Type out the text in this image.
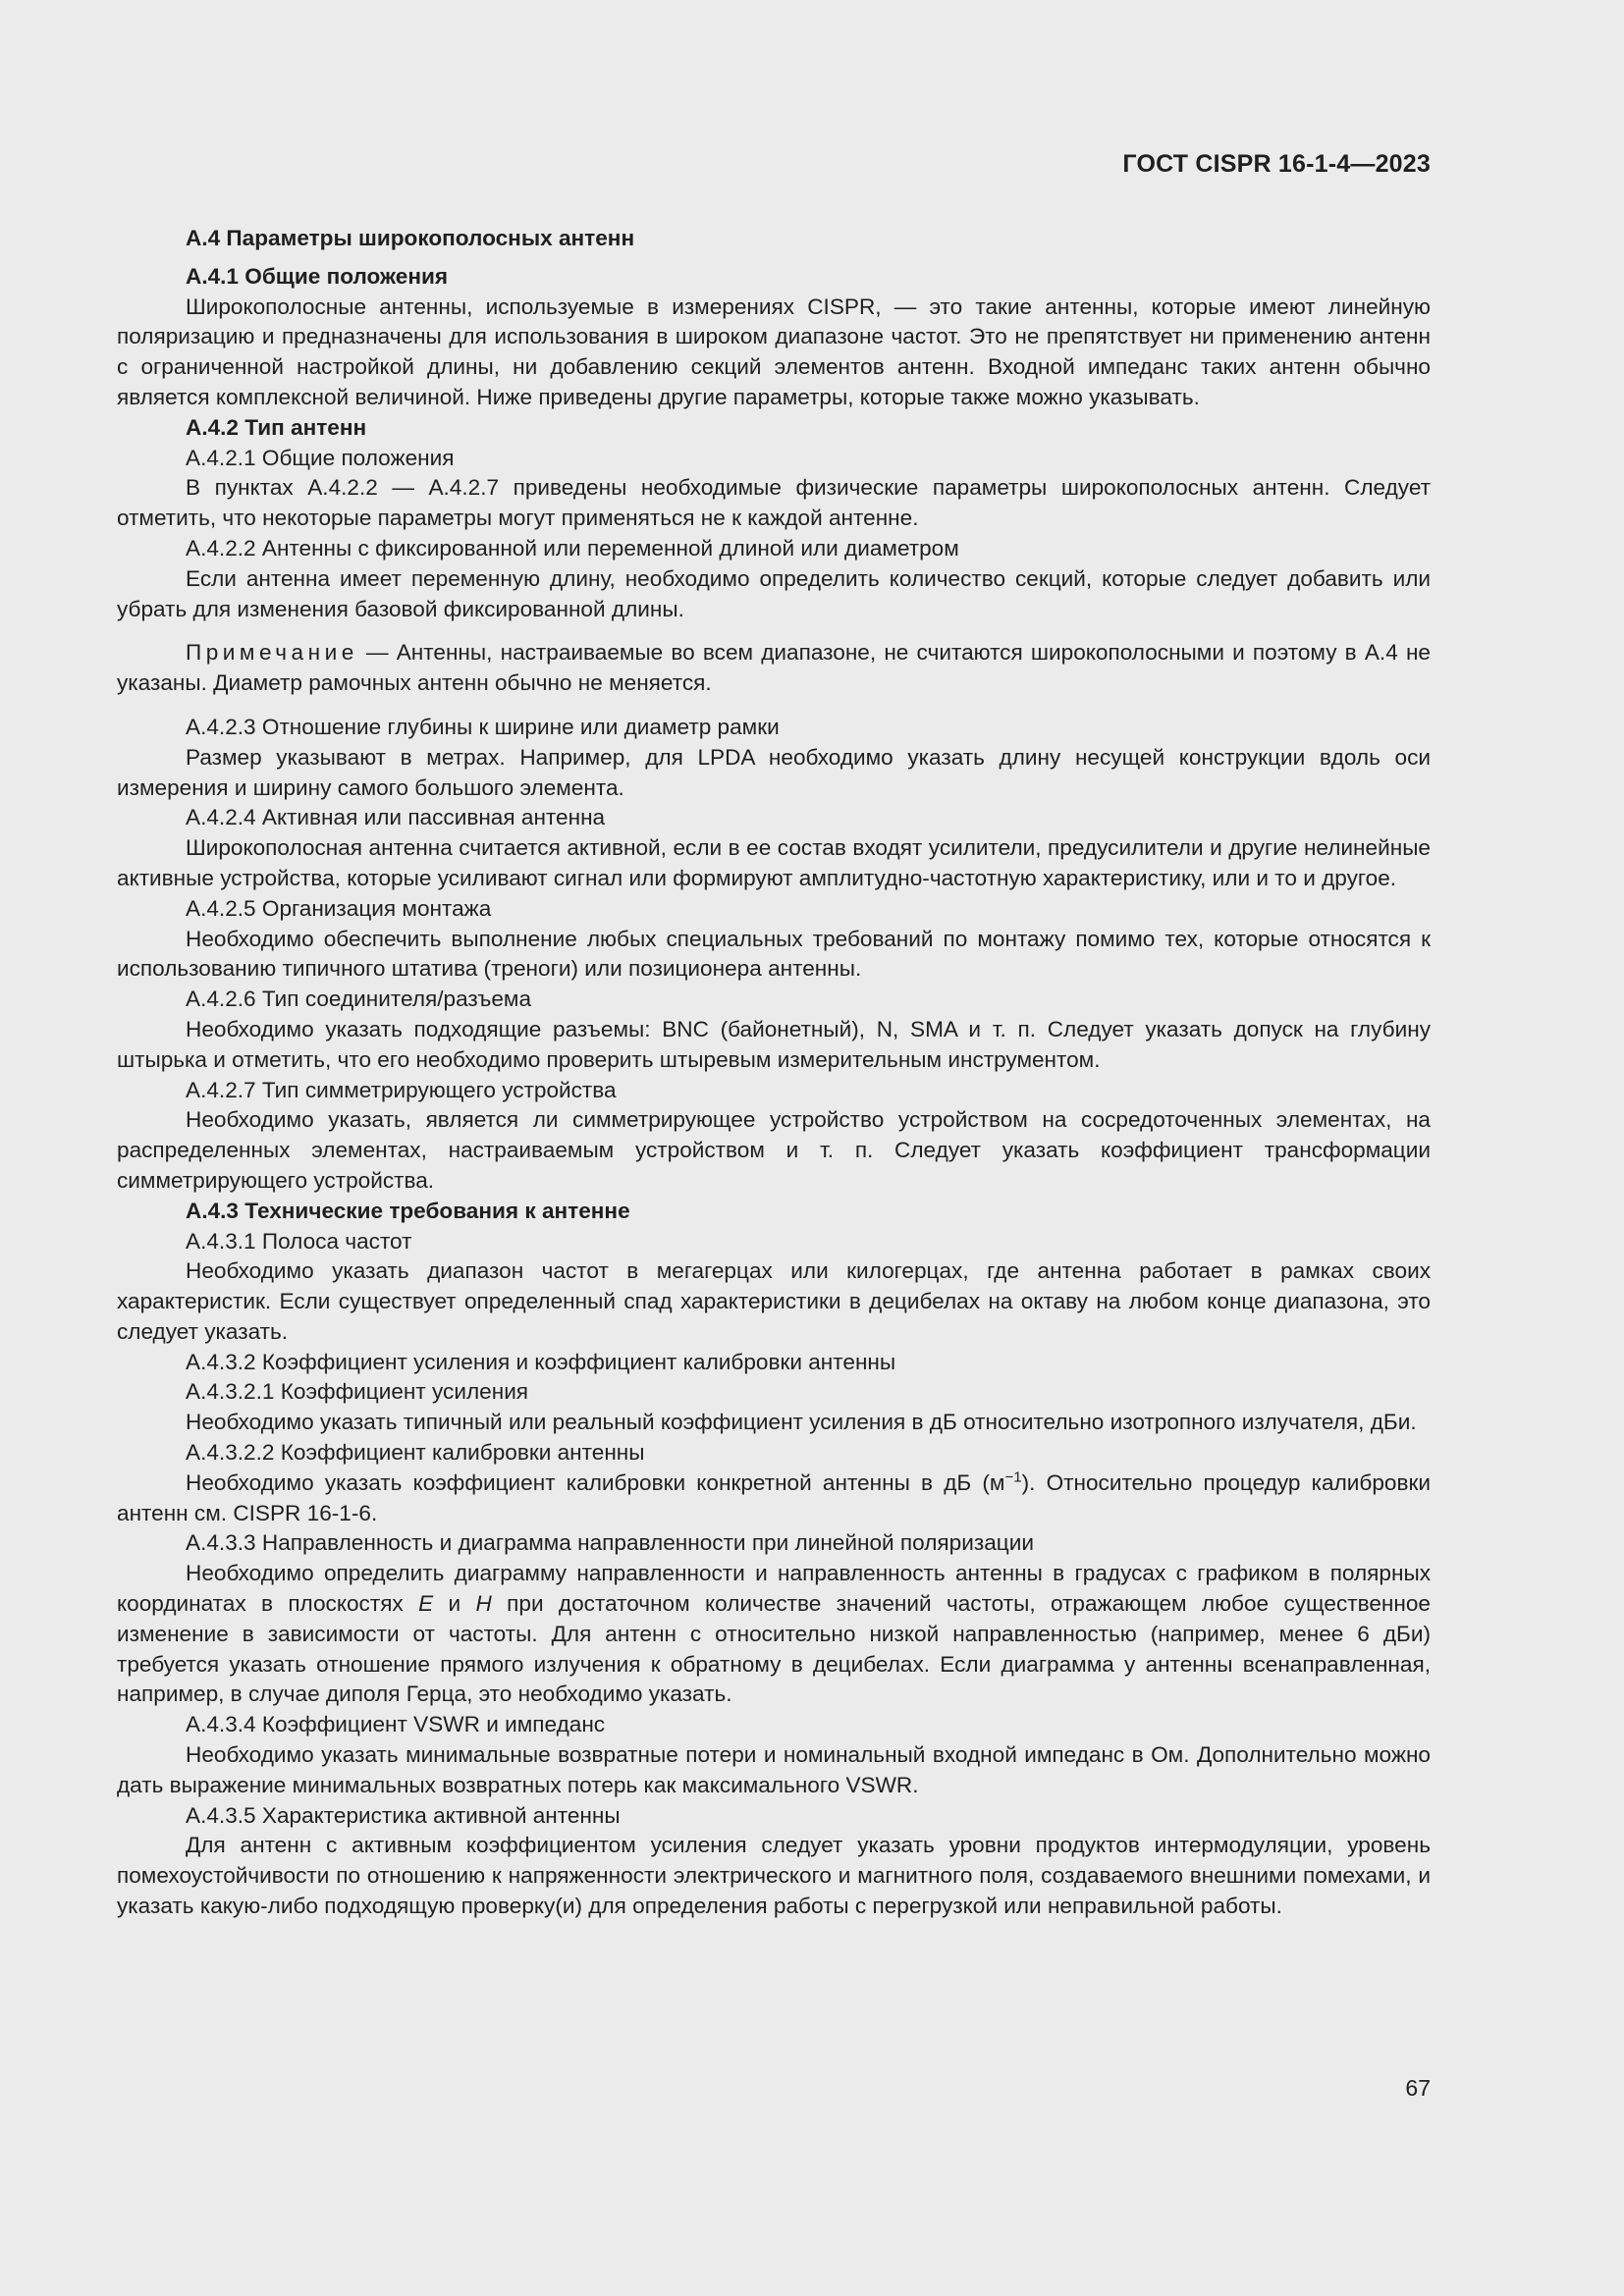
ГОСТ CISPR 16-1-4—2023

А.4 Параметры широкополосных антенн

А.4.1 Общие положения

Широкополосные антенны, используемые в измерениях CISPR, — это такие антенны, которые имеют линейную поляризацию и предназначены для использования в широком диапазоне частот. Это не препятствует ни применению антенн с ограниченной настройкой длины, ни добавлению секций элементов антенн. Входной импеданс таких антенн обычно является комплексной величиной. Ниже приведены другие параметры, которые также можно указывать.

А.4.2 Тип антенн

А.4.2.1 Общие положения

В пунктах А.4.2.2 — А.4.2.7 приведены необходимые физические параметры широкополосных антенн. Следует отметить, что некоторые параметры могут применяться не к каждой антенне.

А.4.2.2 Антенны с фиксированной или переменной длиной или диаметром

Если антенна имеет переменную длину, необходимо определить количество секций, которые следует добавить или убрать для изменения базовой фиксированной длины.

Примечание — Антенны, настраиваемые во всем диапазоне, не считаются широкополосными и поэтому в А.4 не указаны. Диаметр рамочных антенн обычно не меняется.

А.4.2.3 Отношение глубины к ширине или диаметр рамки

Размер указывают в метрах. Например, для LPDA необходимо указать длину несущей конструкции вдоль оси измерения и ширину самого большого элемента.

А.4.2.4 Активная или пассивная антенна

Широкополосная антенна считается активной, если в ее состав входят усилители, предусилители и другие нелинейные активные устройства, которые усиливают сигнал или формируют амплитудно-частотную характеристику, или и то и другое.

А.4.2.5 Организация монтажа

Необходимо обеспечить выполнение любых специальных требований по монтажу помимо тех, которые относятся к использованию типичного штатива (треноги) или позиционера антенны.

А.4.2.6 Тип соединителя/разъема

Необходимо указать подходящие разъемы: BNC (байонетный), N, SMA и т. п. Следует указать допуск на глубину штырька и отметить, что его необходимо проверить штыревым измерительным инструментом.

А.4.2.7 Тип симметрирующего устройства

Необходимо указать, является ли симметрирующее устройство устройством на сосредоточенных элементах, на распределенных элементах, настраиваемым устройством и т. п. Следует указать коэффициент трансформации симметрирующего устройства.

А.4.3 Технические требования к антенне

А.4.3.1 Полоса частот

Необходимо указать диапазон частот в мегагерцах или килогерцах, где антенна работает в рамках своих характеристик. Если существует определенный спад характеристики в децибелах на октаву на любом конце диапазона, это следует указать.

А.4.3.2 Коэффициент усиления и коэффициент калибровки антенны

А.4.3.2.1 Коэффициент усиления

Необходимо указать типичный или реальный коэффициент усиления в дБ относительно изотропного излучателя, дБи.

А.4.3.2.2 Коэффициент калибровки антенны

Необходимо указать коэффициент калибровки конкретной антенны в дБ $(м^{-1})$. Относительно процедур калибровки антенн см. CISPR 16-1-6.

А.4.3.3 Направленность и диаграмма направленности при линейной поляризации

Необходимо определить диаграмму направленности и направленность антенны в градусах с графиком в полярных координатах в плоскостях E и H при достаточном количестве значений частоты, отражающем любое существенное изменение в зависимости от частоты. Для антенн с относительно низкой направленностью (например, менее 6 дБи) требуется указать отношение прямого излучения к обратному в децибелах. Если диаграмма у антенны всенаправленная, например, в случае диполя Герца, это необходимо указать.

А.4.3.4 Коэффициент VSWR и импеданс

Необходимо указать минимальные возвратные потери и номинальный входной импеданс в Ом. Дополнительно можно дать выражение минимальных возвратных потерь как максимального VSWR.

А.4.3.5 Характеристика активной антенны

Для антенн с активным коэффициентом усиления следует указать уровни продуктов интермодуляции, уровень помехоустойчивости по отношению к напряженности электрического и магнитного поля, создаваемого внешними помехами, и указать какую-либо подходящую проверку(и) для определения работы с перегрузкой или неправильной работы.

67
